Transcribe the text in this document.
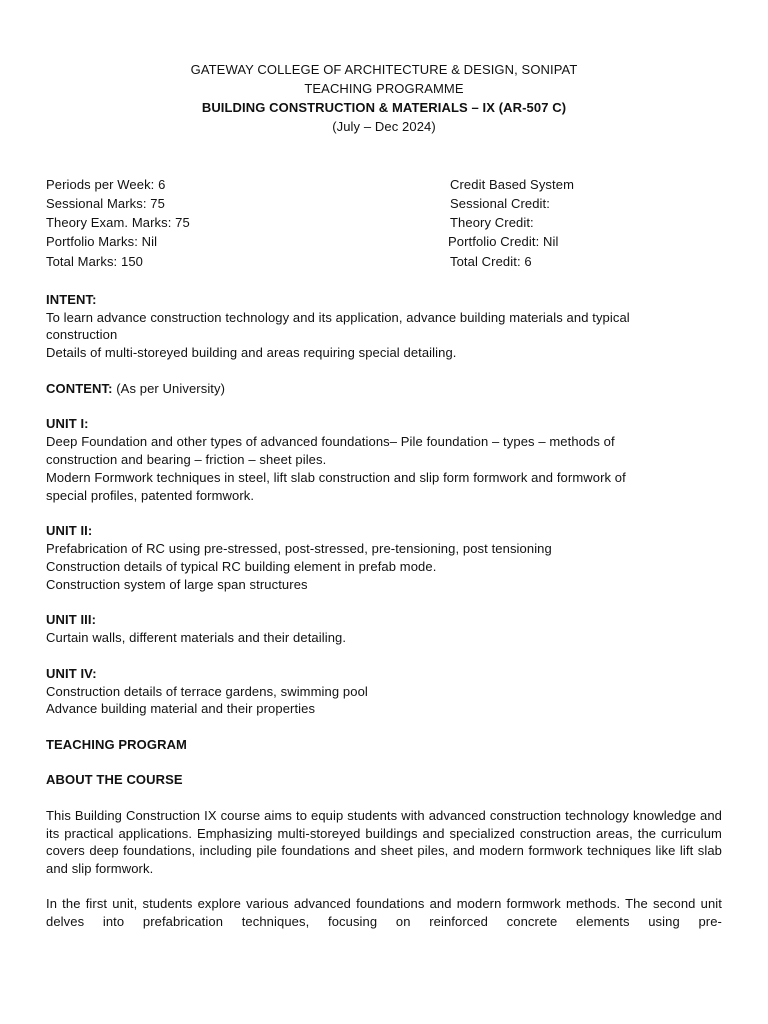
GATEWAY COLLEGE OF ARCHITECTURE & DESIGN, SONIPAT
TEACHING PROGRAMME
BUILDING CONSTRUCTION & MATERIALS – IX (AR-507 C)
(July – Dec 2024)
Periods per Week: 6
Sessional Marks: 75
Theory Exam. Marks: 75
Portfolio Marks: Nil
Total Marks: 150
Credit Based System
Sessional Credit:
Theory Credit:
Portfolio Credit: Nil
Total Credit: 6
INTENT:
To learn advance construction technology and its application, advance building materials and typical
construction
Details of multi-storeyed building and areas requiring special detailing.
CONTENT: (As per University)
UNIT I:
Deep Foundation and other types of advanced foundations– Pile foundation – types – methods of
construction and bearing – friction – sheet piles.
Modern Formwork techniques in steel, lift slab construction and slip form formwork and formwork of
special profiles, patented formwork.
UNIT II:
Prefabrication of RC using pre-stressed, post-stressed, pre-tensioning, post tensioning
Construction details of typical RC building element in prefab mode.
Construction system of large span structures
UNIT III:
Curtain walls, different materials and their detailing.
UNIT IV:
Construction details of terrace gardens, swimming pool
Advance building material and their properties
TEACHING PROGRAM
ABOUT THE COURSE
This Building Construction IX course aims to equip students with advanced construction technology knowledge and its practical applications. Emphasizing multi-storeyed buildings and specialized construction areas, the curriculum covers deep foundations, including pile foundations and sheet piles, and modern formwork techniques like lift slab and slip formwork.
In the first unit, students explore various advanced foundations and modern formwork methods. The second unit delves into prefabrication techniques, focusing on reinforced concrete elements using pre-
